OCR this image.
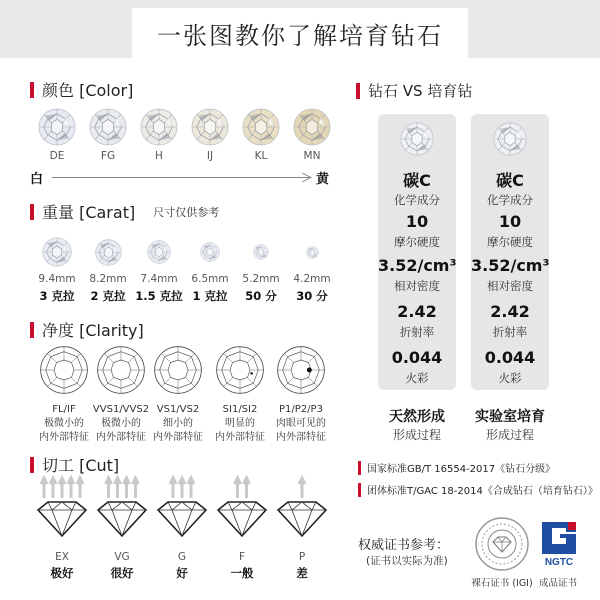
一张图教你了解培育钻石
颜色 [Color]
DE	FG	H	IJ	KL	MN
白	黄
重量 [Carat] 尺寸仅供参考
9.4mm
3 克拉
8.2mm
2 克拉
7.4mm
1.5 克拉
6.5mm
1 克拉
5.2mm
50 分
4.2mm
30 分
净度 [Clarity]
FL/IF
极微小的
内外部特征
VVS1/VVS2
极微小的
内外部特征
VS1/VS2
细小的
内外部特征
SI1/SI2
明显的
内外部特征
P1/P2/P3
肉眼可见的
内外部特征
切工 [Cut]
EX
极好
VG
很好
G
好
F
一般
P
差
钻石 VS 培育钻
碳C
化学成分
10
摩尔硬度
3.52/cm³
相对密度
2.42
折射率
0.044
火彩
天然形成
形成过程
碳C
化学成分
10
摩尔硬度
3.52/cm³
相对密度
2.42
折射率
0.044
火彩
实验室培育
形成过程
国家标准GB/T 16554-2017《钻石分级》
团体标准T/GAC 18-2014《合成钻石（培育钻石）》
权威证书参考：
(证书以实际为准)
裸石证书 (IGI)
NGTC
成品证书
